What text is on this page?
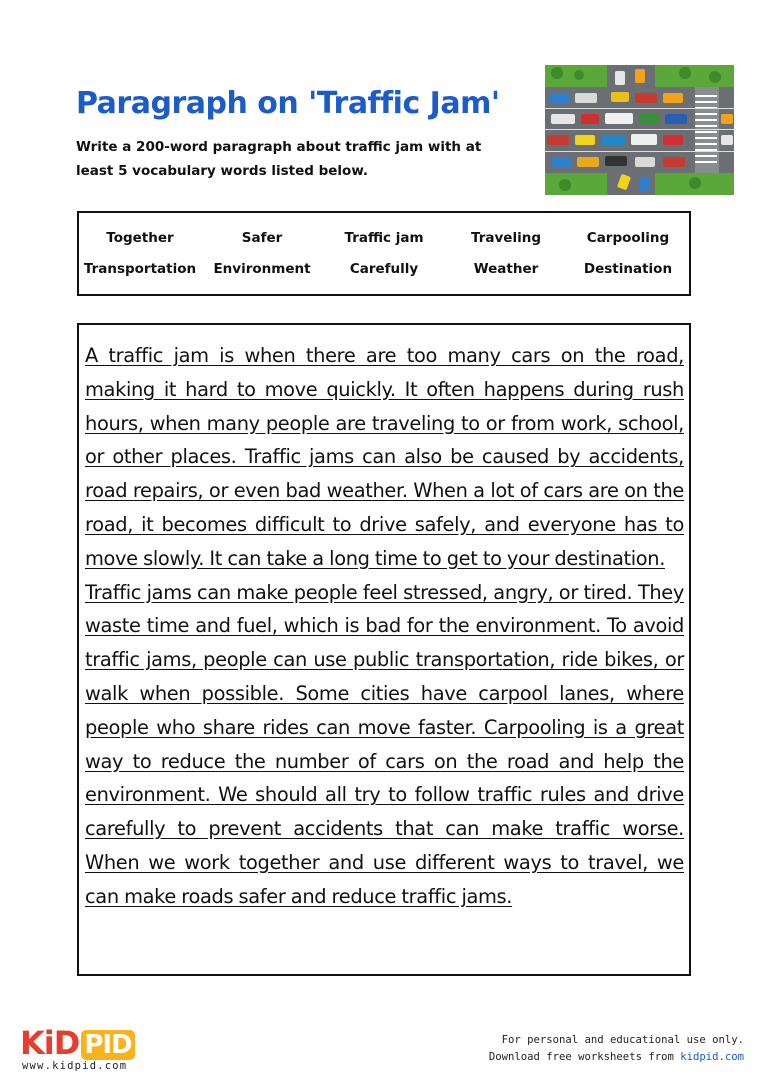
Paragraph on 'Traffic Jam'
Write a 200-word paragraph about traffic jam with at least 5 vocabulary words listed below.
Together	Safer	Traffic jam	Traveling	Carpooling
Transportation	Environment	Carefully	Weather	Destination

A traffic jam is when there are too many cars on the road, making it hard to move quickly. It often happens during rush hours, when many people are traveling to or from work, school, or other places. Traffic jams can also be caused by accidents, road repairs, or even bad weather. When a lot of cars are on the road, it becomes difficult to drive safely, and everyone has to move slowly. It can take a long time to get to your destination.

Traffic jams can make people feel stressed, angry, or tired. They waste time and fuel, which is bad for the environment. To avoid traffic jams, people can use public transportation, ride bikes, or walk when possible. Some cities have carpool lanes, where people who share rides can move faster. Carpooling is a great way to reduce the number of cars on the road and help the environment. We should all try to follow traffic rules and drive carefully to prevent accidents that can make traffic worse. When we work together and use different ways to travel, we can make roads safer and reduce traffic jams.

KiD PID
www.kidpid.com
For personal and educational use only.
Download free worksheets from kidpid.com
